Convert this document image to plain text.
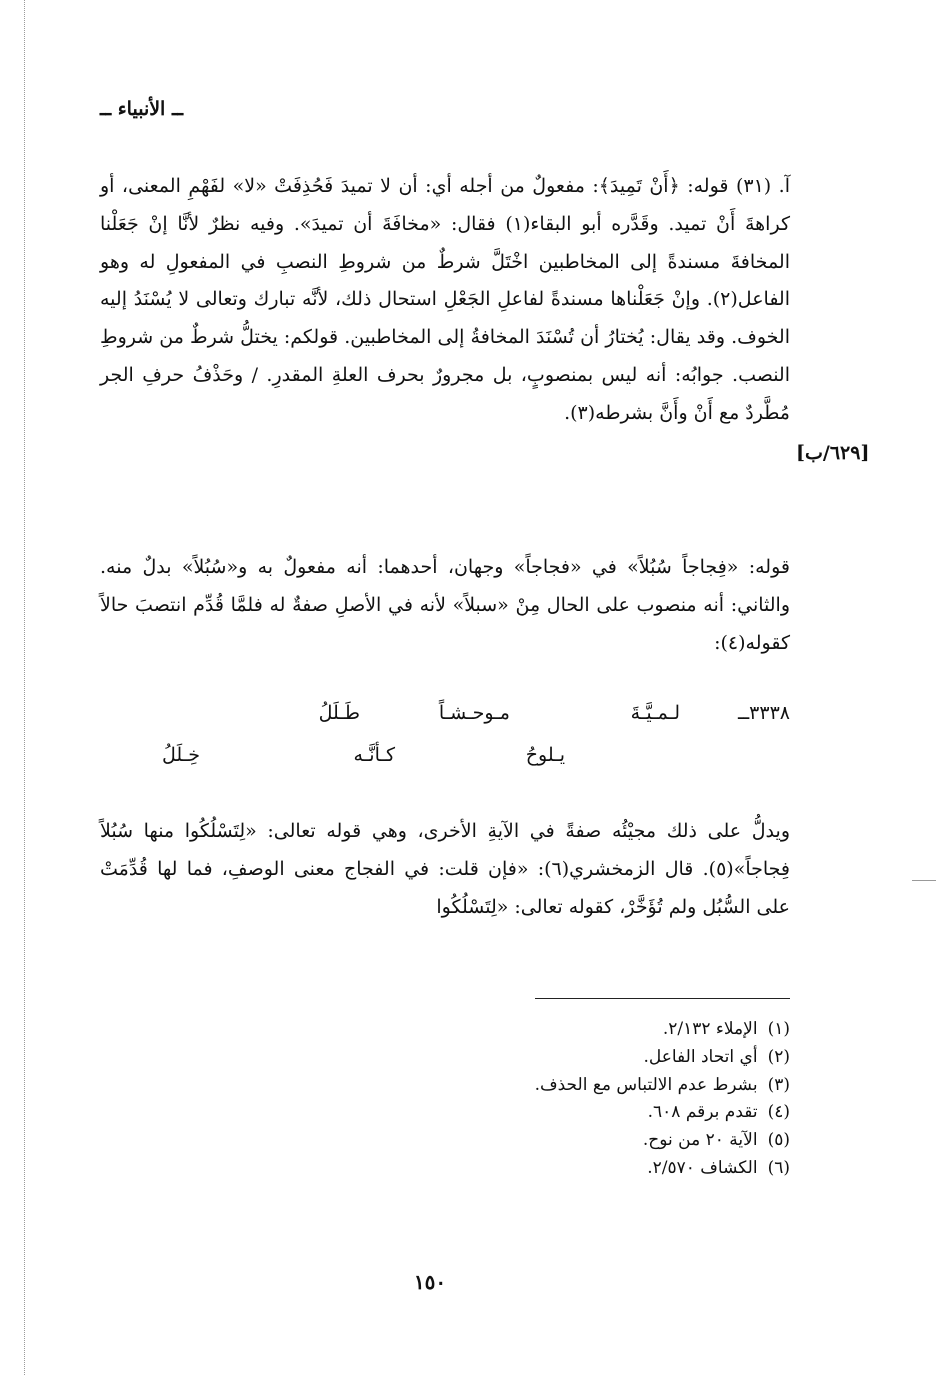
ــ الأنبياء ــ

آ. (٣١) قوله: ﴿أَنْ تَمِيدَ﴾: مفعولٌ من أجله أي: أن لا تميدَ فَحُذِفَتْ «لا» لفَهْمِ المعنى، أو كراهةَ أَنْ تميد. وقَدَّره أبو البقاء(١) فقال: «مخافَةَ أن تميدَ». وفيه نظرٌ لأنَّا إنْ جَعَلْنا المخافةَ مسندةً إلى المخاطبين اخْتَلَّ شرطٌ من شروطِ النصبِ في المفعولِ له وهو الفاعل(٢). وإنْ جَعَلْناها مسندةً لفاعلِ الجَعْلِ استحال ذلك، لأنَّه تبارك وتعالى لا يُسْنَدُ إليه الخوف. وقد يقال: يُختارُ أن تُسْنَدَ المخافةُ إلى المخاطبين. قولكم: يختلُّ شرطٌ من شروطِ النصب. جوابُه: أنه ليس بمنصوبٍ، بل مجرورٌ بحرف العلةِ المقدرِ. / وحَذْفُ حرفِ الجر مُطَّردٌ مع أَنْ وأَنَّ بشرطه(٣).

[٦٢٩/ب]

قوله: «فِجاجاً سُبُلاً» في «فجاجاً» وجهان، أحدهما: أنه مفعولٌ به و«سُبُلاً» بدلٌ منه. والثاني: أنه منصوب على الحال مِنْ «سبلاً» لأنه في الأصلِ صفةٌ له فلمَّا قُدِّم انتصبَ حالاً كقوله(٤):

٣٣٣٨ــ
لـمـيَّـةَ
مـوحـشـاً
طَـلَلُ
يـلوحُ
كـأنَّـه
خِـلَلُ

ويدلُّ على ذلك مجيْئُه صفةً في الآيةِ الأخرى، وهي قوله تعالى: «لِتَسْلُكُوا منها سُبُلاً فِجاجاً»(٥). قال الزمخشري(٦): «فإن قلت: في الفجاج معنى الوصفِ، فما لها قُدِّمَتْ على السُّبُل ولم تُؤَخَّرْ، كقوله تعالى: «لِتَسْلُكُوا

(١)
الإملاء ٢/١٣٢.
(٢)
أي اتحاد الفاعل.
(٣)
بشرط عدم الالتباس مع الحذف.
(٤)
تقدم برقم ٦٠٨.
(٥)
الآية ٢٠ من نوح.
(٦)
الكشاف ٢/٥٧٠.
١٥٠
